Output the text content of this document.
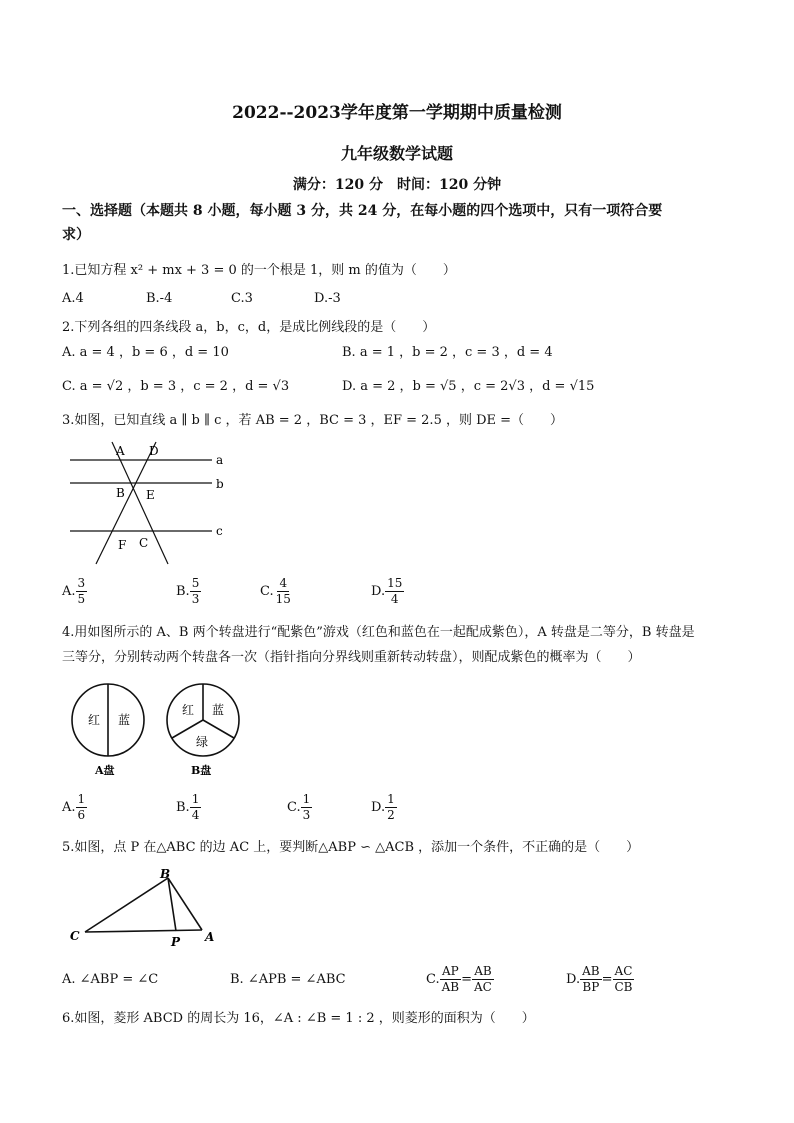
2022--2023学年度第一学期期中质量检测
九年级数学试题
满分：120 分　时间：120 分钟
一、选择题（本题共 8 小题，每小题 3 分，共 24 分，在每小题的四个选项中，只有一项符合要
求）
1.已知方程 x² + mx + 3 = 0 的一个根是 1，则 m 的值为（　　）
A.4	B.-4	C.3	D.-3
2.下列各组的四条线段 a，b，c，d，是成比例线段的是（　　）
A. a = 4 ，b = 6 ，d = 10	B. a = 1 ，b = 2 ，c = 3 ，d = 4
C. a = √2 ，b = 3 ，c = 2 ，d = √3	D. a = 2 ，b = √5 ，c = 2√3 ，d = √15
3.如图，已知直线 a ∥ b ∥ c ，若 AB = 2 ，BC = 3 ，EF = 2.5 ，则 DE =（　　）
A D
a
b
B E
c
F C
A. $\frac{3}{5}$	B. $\frac{5}{3}$	C. $\frac{4}{15}$	D. $\frac{15}{4}$
4.用如图所示的 A、B 两个转盘进行“配紫色”游戏（红色和蓝色在一起配成紫色），A 转盘是二等分，B 转盘是
三等分，分别转动两个转盘各一次（指针指向分界线则重新转动转盘），则配成紫色的概率为（　　）
红 蓝
A盘
红 蓝
绿
B盘
A. $\frac{1}{6}$	B. $\frac{1}{4}$	C. $\frac{1}{3}$	D. $\frac{1}{2}$
5.如图，点 P 在△ABC 的边 AC 上，要判断△ABP ∽ △ACB ，添加一个条件，不正确的是（　　）
B
C	P A
A. ∠ABP = ∠C	B. ∠APB = ∠ABC	C. $\frac{AP}{AB} = \frac{AB}{AC}$	D. $\frac{AB}{BP} = \frac{AC}{CB}$
6.如图，菱形 ABCD 的周长为 16，∠A : ∠B = 1 : 2 ，则菱形的面积为（　　）
